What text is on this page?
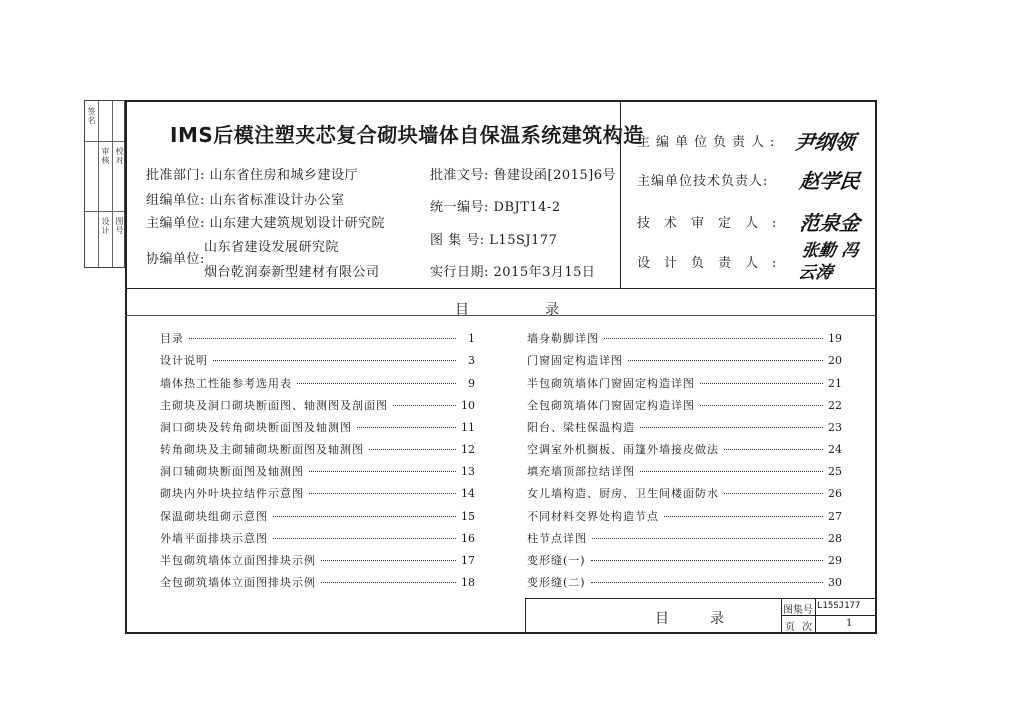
签名
审核 校对
设计 图号
IMS后模注塑夹芯复合砌块墙体自保温系统建筑构造
批准部门: 山东省住房和城乡建设厅
组编单位: 山东省标准设计办公室
主编单位: 山东建大建筑规划设计研究院
协编单位:
山东省建设发展研究院
烟台乾润泰新型建材有限公司
批准文号: 鲁建设函[2015]6号
统一编号: DBJT14-2
图 集 号: L15SJ177
实行日期: 2015年3月15日
主编单位负责人: 尹纲领
主编单位技术负责人: 赵学民
技术审定人: 范泉金
设计负责人:
张勤 冯云涛
目	录
目录	1
设计说明	3
墙体热工性能参考选用表	9
主砌块及洞口砌块断面图、轴测图及剖面图	10
洞口砌块及转角砌块断面图及轴测图	11
转角砌块及主砌辅砌块断面图及轴测图	12
洞口辅砌块断面图及轴测图	13
砌块内外叶块拉结件示意图	14
保温砌块组砌示意图	15
外墙平面排块示意图	16
半包砌筑墙体立面图排块示例	17
全包砌筑墙体立面图排块示例	18
墙身勒脚详图	19
门窗固定构造详图	20
半包砌筑墙体门窗固定构造详图	21
全包砌筑墙体门窗固定构造详图	22
阳台、梁柱保温构造	23
空调室外机搁板、雨篷外墙接皮做法	24
填充墙顶部拉结详图	25
女儿墙构造、厨房、卫生间楼面防水	26
不同材料交界处构造节点	27
柱节点详图	28
变形缝(一)	29
变形缝(二)	30
目	录
图集号 L15SJ177
页 次	1
